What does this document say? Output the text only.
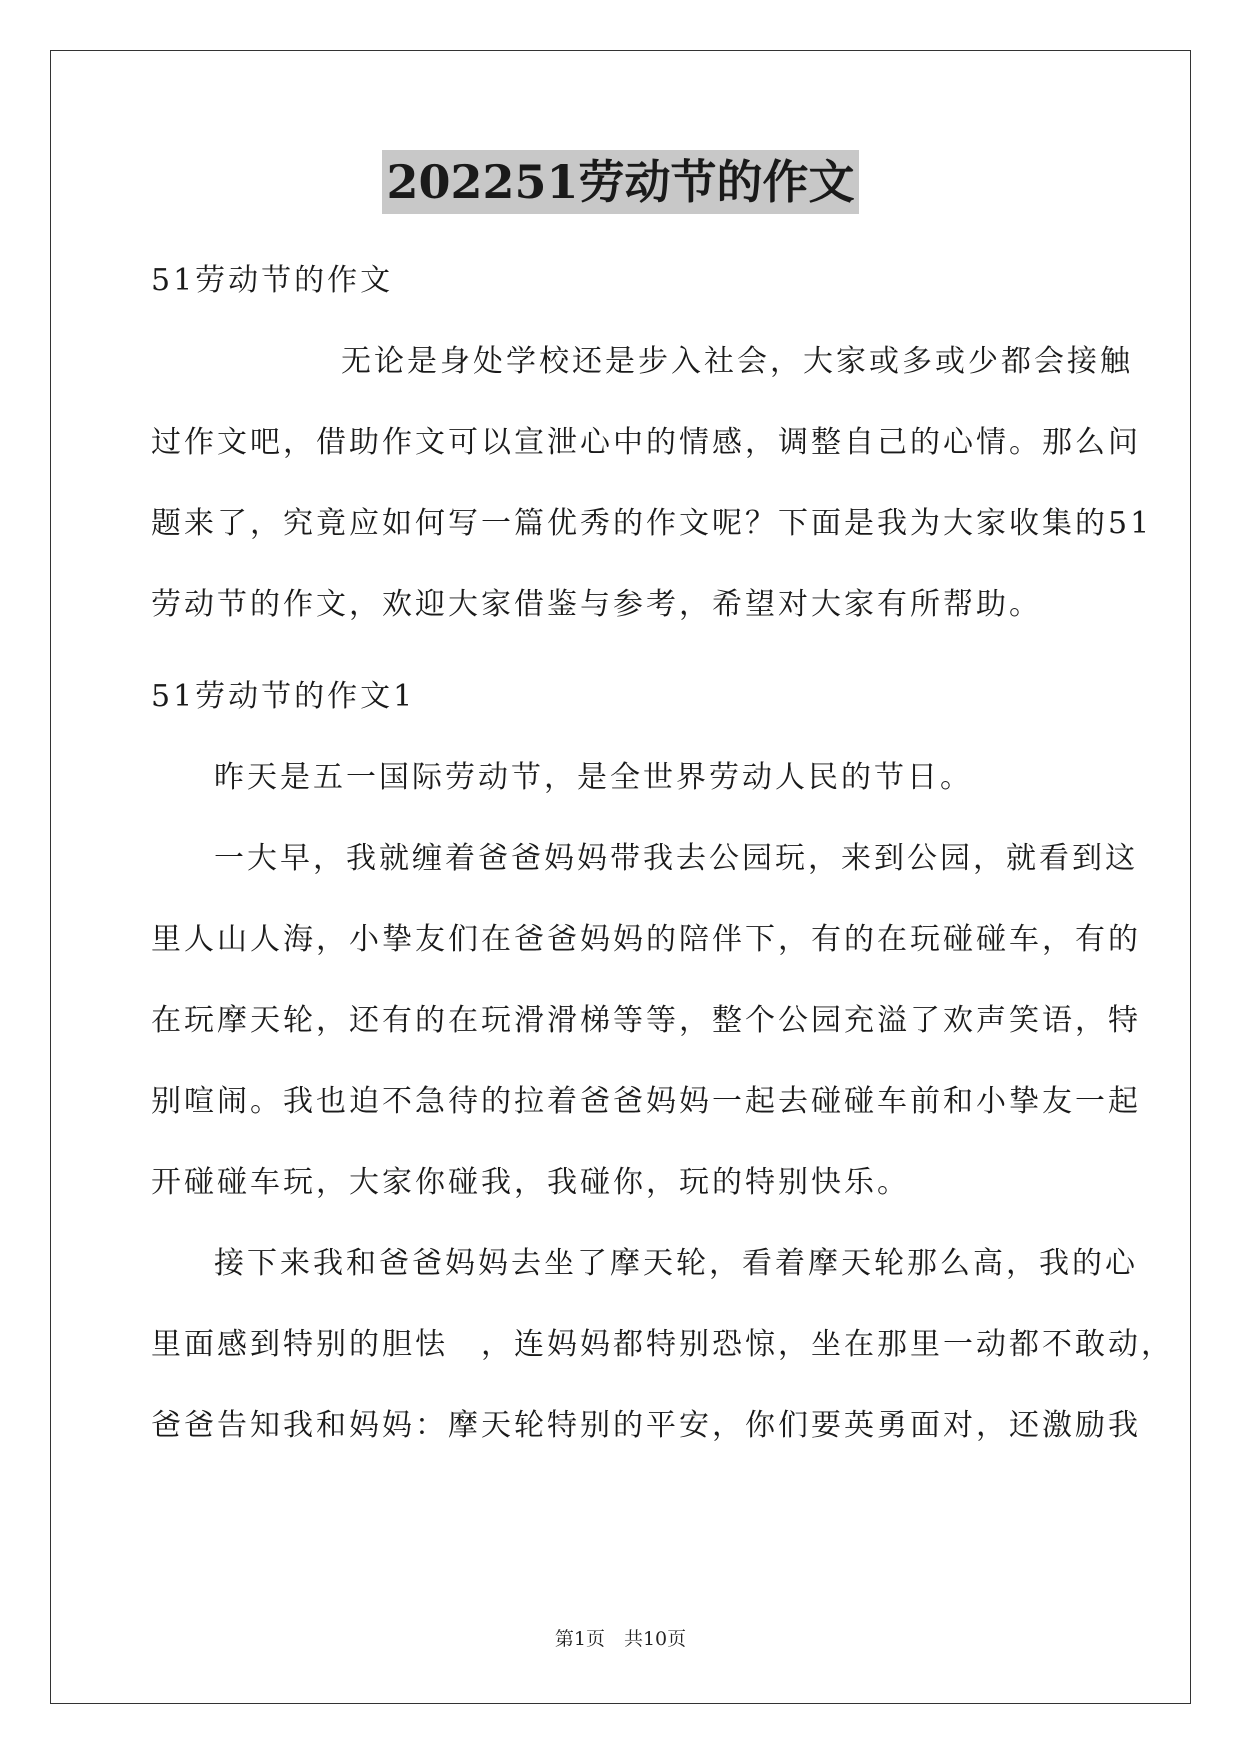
202251劳动节的作文
51劳动节的作文
无论是身处学校还是步入社会，大家或多或少都会接触
过作文吧，借助作文可以宣泄心中的情感，调整自己的心情。那么问
题来了，究竟应如何写一篇优秀的作文呢？下面是我为大家收集的51
劳动节的作文，欢迎大家借鉴与参考，希望对大家有所帮助。
51劳动节的作文1
昨天是五一国际劳动节，是全世界劳动人民的节日。
一大早，我就缠着爸爸妈妈带我去公园玩，来到公园，就看到这
里人山人海，小挚友们在爸爸妈妈的陪伴下，有的在玩碰碰车，有的
在玩摩天轮，还有的在玩滑滑梯等等，整个公园充溢了欢声笑语，特
别喧闹。我也迫不急待的拉着爸爸妈妈一起去碰碰车前和小挚友一起
开碰碰车玩，大家你碰我，我碰你，玩的特别快乐。
接下来我和爸爸妈妈去坐了摩天轮，看着摩天轮那么高，我的心
里面感到特别的胆怯　，连妈妈都特别恐惊，坐在那里一动都不敢动，
爸爸告知我和妈妈：摩天轮特别的平安，你们要英勇面对，还激励我
第1页　共10页
